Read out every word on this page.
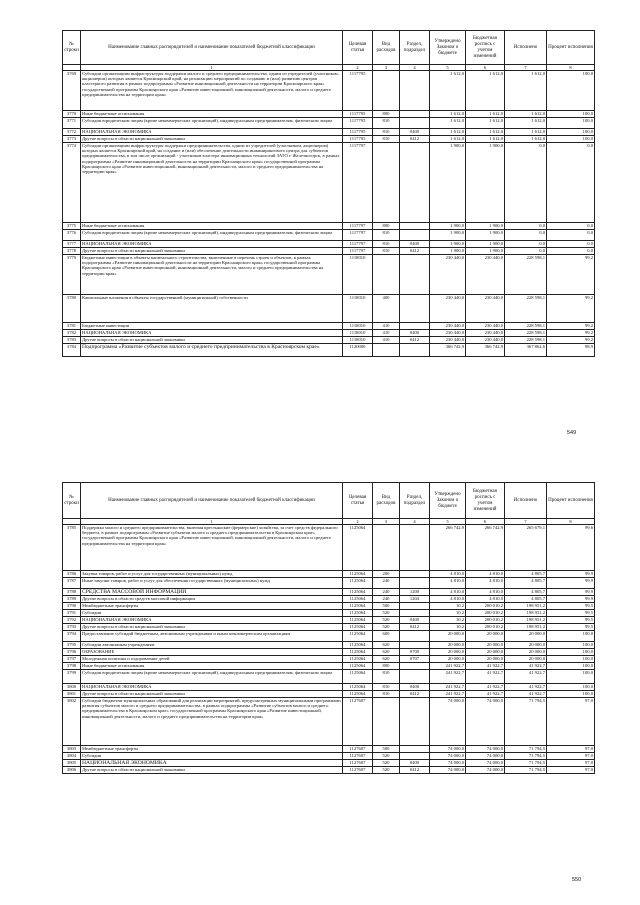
№ строки	Наименование главных распорядителей и наименование показателей бюджетной классификации	Целевая статья	Вид расходов	Раздел, подраздел	Утверждено Законом о бюджете	Бюджетная роспись с учетом изменений	Исполнено	Процент исполнения
	1	2	3	4	5	6	7	8
3769	Субсидии организациям инфраструктуры поддержки малого и среднего предпринимательства, одним из учредителей (участником, акционером) которых является Красноярский край, на реализацию мероприятий по созданию и (или) развитию центров кластерного развития в рамках подпрограммы «Развитие инновационной деятельности на территории Красноярского края» государственной программы Красноярского края «Развитие инвестиционной, инновационной деятельности, малого и среднего предпринимательства на территории края»	1117795			1 612,0	1 612,0	1 612,0	100,0
3770	Иные бюджетные ассигнования	1117795	800		1 612,0	1 612,0	1 612,0	100,0
3771	Субсидии юридическим лицам (кроме некоммерческих организаций), индивидуальным предпринимателям, физическим лицам	1117795	810		1 612,0	1 612,0	1 612,0	100,0
3772	НАЦИОНАЛЬНАЯ ЭКОНОМИКА	1117795	810	0400	1 612,0	1 612,0	1 612,0	100,0
3773	Другие вопросы в области национальной экономики	1117795	810	0412	1 612,0	1 612,0	1 612,0	100,0
3774	Субсидии организациям инфраструктуры поддержки предпринимательства, одним из учредителей (участником, акционером) которых является Красноярский край, на создание и (или) обеспечение деятельности инжинирингового центра для субъектов предпринимательства, в том числе организаций - участников кластера инновационных технологий ЗАТО г. Железногорск, в рамках подпрограммы «Развитие инновационной деятельности на территории Красноярского края» государственной программы Красноярского края «Развитие инвестиционной, инновационной деятельности, малого и среднего предпринимательства на территории края»	1117797			1 900,0	1 900,0	0,0	0,0
3775	Иные бюджетные ассигнования	1117797	800		1 900,0	1 900,0	0,0	0,0
3776	Субсидии юридическим лицам (кроме некоммерческих организаций), индивидуальным предпринимателям, физическим лицам	1117797	810		1 900,0	1 900,0	0,0	0,0
3777	НАЦИОНАЛЬНАЯ ЭКОНОМИКА	1117797	810	0400	1 900,0	1 900,0	0,0	0,0
3778	Другие вопросы в области национальной экономики	1117797	810	0412	1 900,0	1 900,0	0,0	0,0
3779	Бюджетные инвестиции в объекты капитального строительства, включенные в перечень строек и объектов, в рамках подпрограммы «Развитие инновационной деятельности на территории Красноярского края» государственной программы Красноярского края «Развитие инвестиционной, инновационной деятельности, малого и среднего предпринимательства на территории края»	1118010			230 440,0	230 440,0	228 598,1	99,2
3780	Капитальные вложения в объекты государственной (муниципальной) собственности	1118010	400		230 440,0	230 440,0	228 598,1	99,2
3781	Бюджетные инвестиции	1118010	410		230 440,0	230 440,0	228 598,1	99,2
3782	НАЦИОНАЛЬНАЯ ЭКОНОМИКА	1118010	410	0400	230 440,0	230 440,0	228 598,1	99,2
3783	Другие вопросы в области национальной экономики	1118010	410	0412	230 440,0	230 440,0	228 598,1	99,2
3784	Подпрограмма «Развитие субъектов малого и среднего предпринимательства в Красноярском крае»	1120000			366 742,9	366 742,9	367 862,6	98,9
549
№ строки	Наименование главных распорядителей и наименование показателей бюджетной классификации	Целевая статья	Вид расходов	Раздел, подраздел	Утверждено Законом о бюджете	Бюджетная роспись с учетом изменений	Исполнено	Процент исполнения
	1	2	3	4	5	6	7	8
3785	Поддержка малого и среднего предпринимательства, включая крестьянские (фермерские) хозяйства, за счет средств федерального бюджета, в рамках подпрограммы «Развитие субъектов малого и среднего предпринимательства в Красноярском крае» государственной программы Красноярского края «Развитие инвестиционной, инновационной деятельности, малого и среднего предпринимательства на территории края»	1125064			266 742,9	266 742,9	265 679,1	99,6
3786	Закупка товаров, работ и услуг для государственных (муниципальных) нужд	1125064	200		4 810,0	4 810,0	4 805,7	99,9
3787	Иные закупки товаров, работ и услуг для обеспечения государственных (муниципальных) нужд	1125064	240		4 810,0	4 810,0	4 805,7	99,9
3788	СРЕДСТВА МАССОВОЙ ИНФОРМАЦИИ	1125064	240	1200	4 810,0	4 810,0	4 805,7	99,9
3789	Другие вопросы в области средств массовой информации	1125064	240	1204	4 810,0	4 810,0	4 805,7	99,9
3790	Межбюджетные трансферты	1125064	500		10,2	200 010,2	198 951,2	99,5
3791	Субсидии	1125064	520		10,2	200 010,2	198 951,2	99,5
3792	НАЦИОНАЛЬНАЯ ЭКОНОМИКА	1125064	520	0400	10,2	200 010,2	198 951,2	99,5
3793	Другие вопросы в области национальной экономики	1125064	520	0412	10,2	200 010,2	198 951,2	99,5
3794	Предоставление субсидий бюджетным, автономным учреждениям и иным некоммерческим организациям	1125064	600		20 000,0	20 000,0	20 000,0	100,0
3795	Субсидии автономным учреждениям	1125064	620		20 000,0	20 000,0	20 000,0	100,0
3796	ОБРАЗОВАНИЕ	1125064	620	0700	20 000,0	20 000,0	20 000,0	100,0
3797	Молодежная политика и оздоровление детей	1125064	620	0707	20 000,0	20 000,0	20 000,0	100,0
3798	Иные бюджетные ассигнования	1125064	800		241 922,7	41 922,7	41 922,7	100,0
3799	Субсидии юридическим лицам (кроме некоммерческих организаций), индивидуальным предпринимателям, физическим лицам	1125064	810		241 922,7	41 922,7	41 922,7	100,0
3800	НАЦИОНАЛЬНАЯ ЭКОНОМИКА	1125064	810	0400	241 922,7	41 922,7	41 922,7	100,0
3801	Другие вопросы в области национальной экономики	1125064	810	0412	241 922,7	41 922,7	41 922,7	100,0
3802	Субсидии бюджетам муниципальных образований для реализации мероприятий, предусмотренных муниципальными программами развития субъектов малого и среднего предпринимательства, в рамках подпрограммы «Развитие субъектов малого и среднего предпринимательства в Красноярском крае» государственной программы Красноярского края «Развитие инвестиционной, инновационной деятельности, малого и среднего предпринимательства на территории края»	1127607			74 000,0	74 000,0	71 794,5	97,0
3803	Межбюджетные трансферты	1127607	500		74 000,0	74 000,0	71 794,5	97,0
3804	Субсидии	1127607	520		74 000,0	74 000,0	71 794,5	97,0
3805	НАЦИОНАЛЬНАЯ ЭКОНОМИКА	1127607	520	0400	74 000,0	74 000,0	71 794,5	97,0
3806	Другие вопросы в области национальной экономики	1127607	520	0412	74 000,0	74 000,0	71 794,5	97,0
550
